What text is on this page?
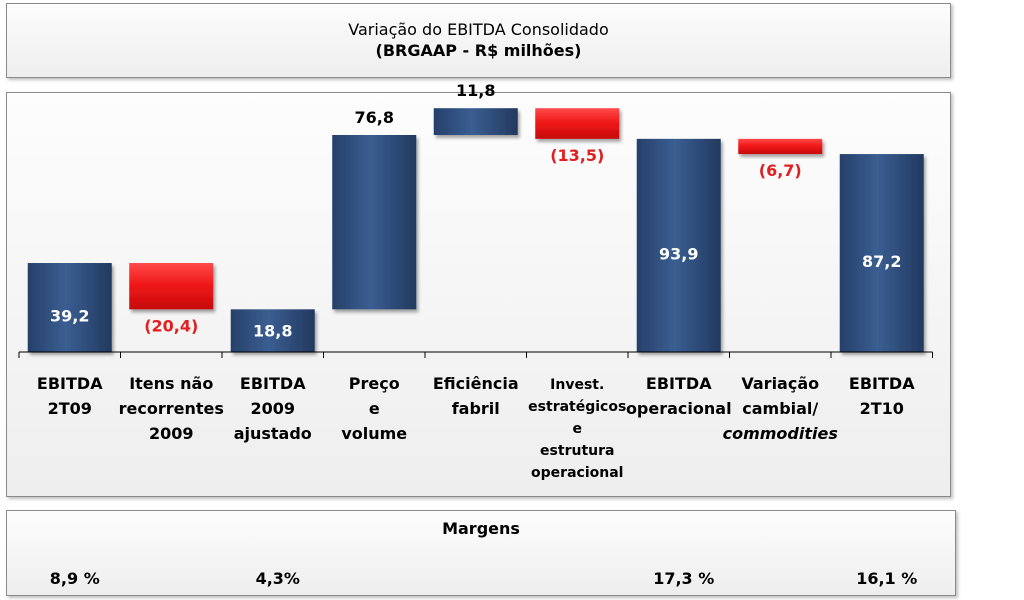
Variação do EBITDA Consolidado
(BRGAAP - R$ milhões)
39,2
(20,4)	18,8
76,8
11,8
(13,5)
93,9
(6,7)
87,2
EBITDA 2T09
Itens não recorrentes 2009
EBITDA 2009 ajustado
Preço e volume
Eficiência fabril
Invest. estratégicos e estrutura operacional
EBITDA operacional
Variação cambial/ commodities
EBITDA 2T10
Margens
8,9 %	4,3%	17,3 %	16,1 %
